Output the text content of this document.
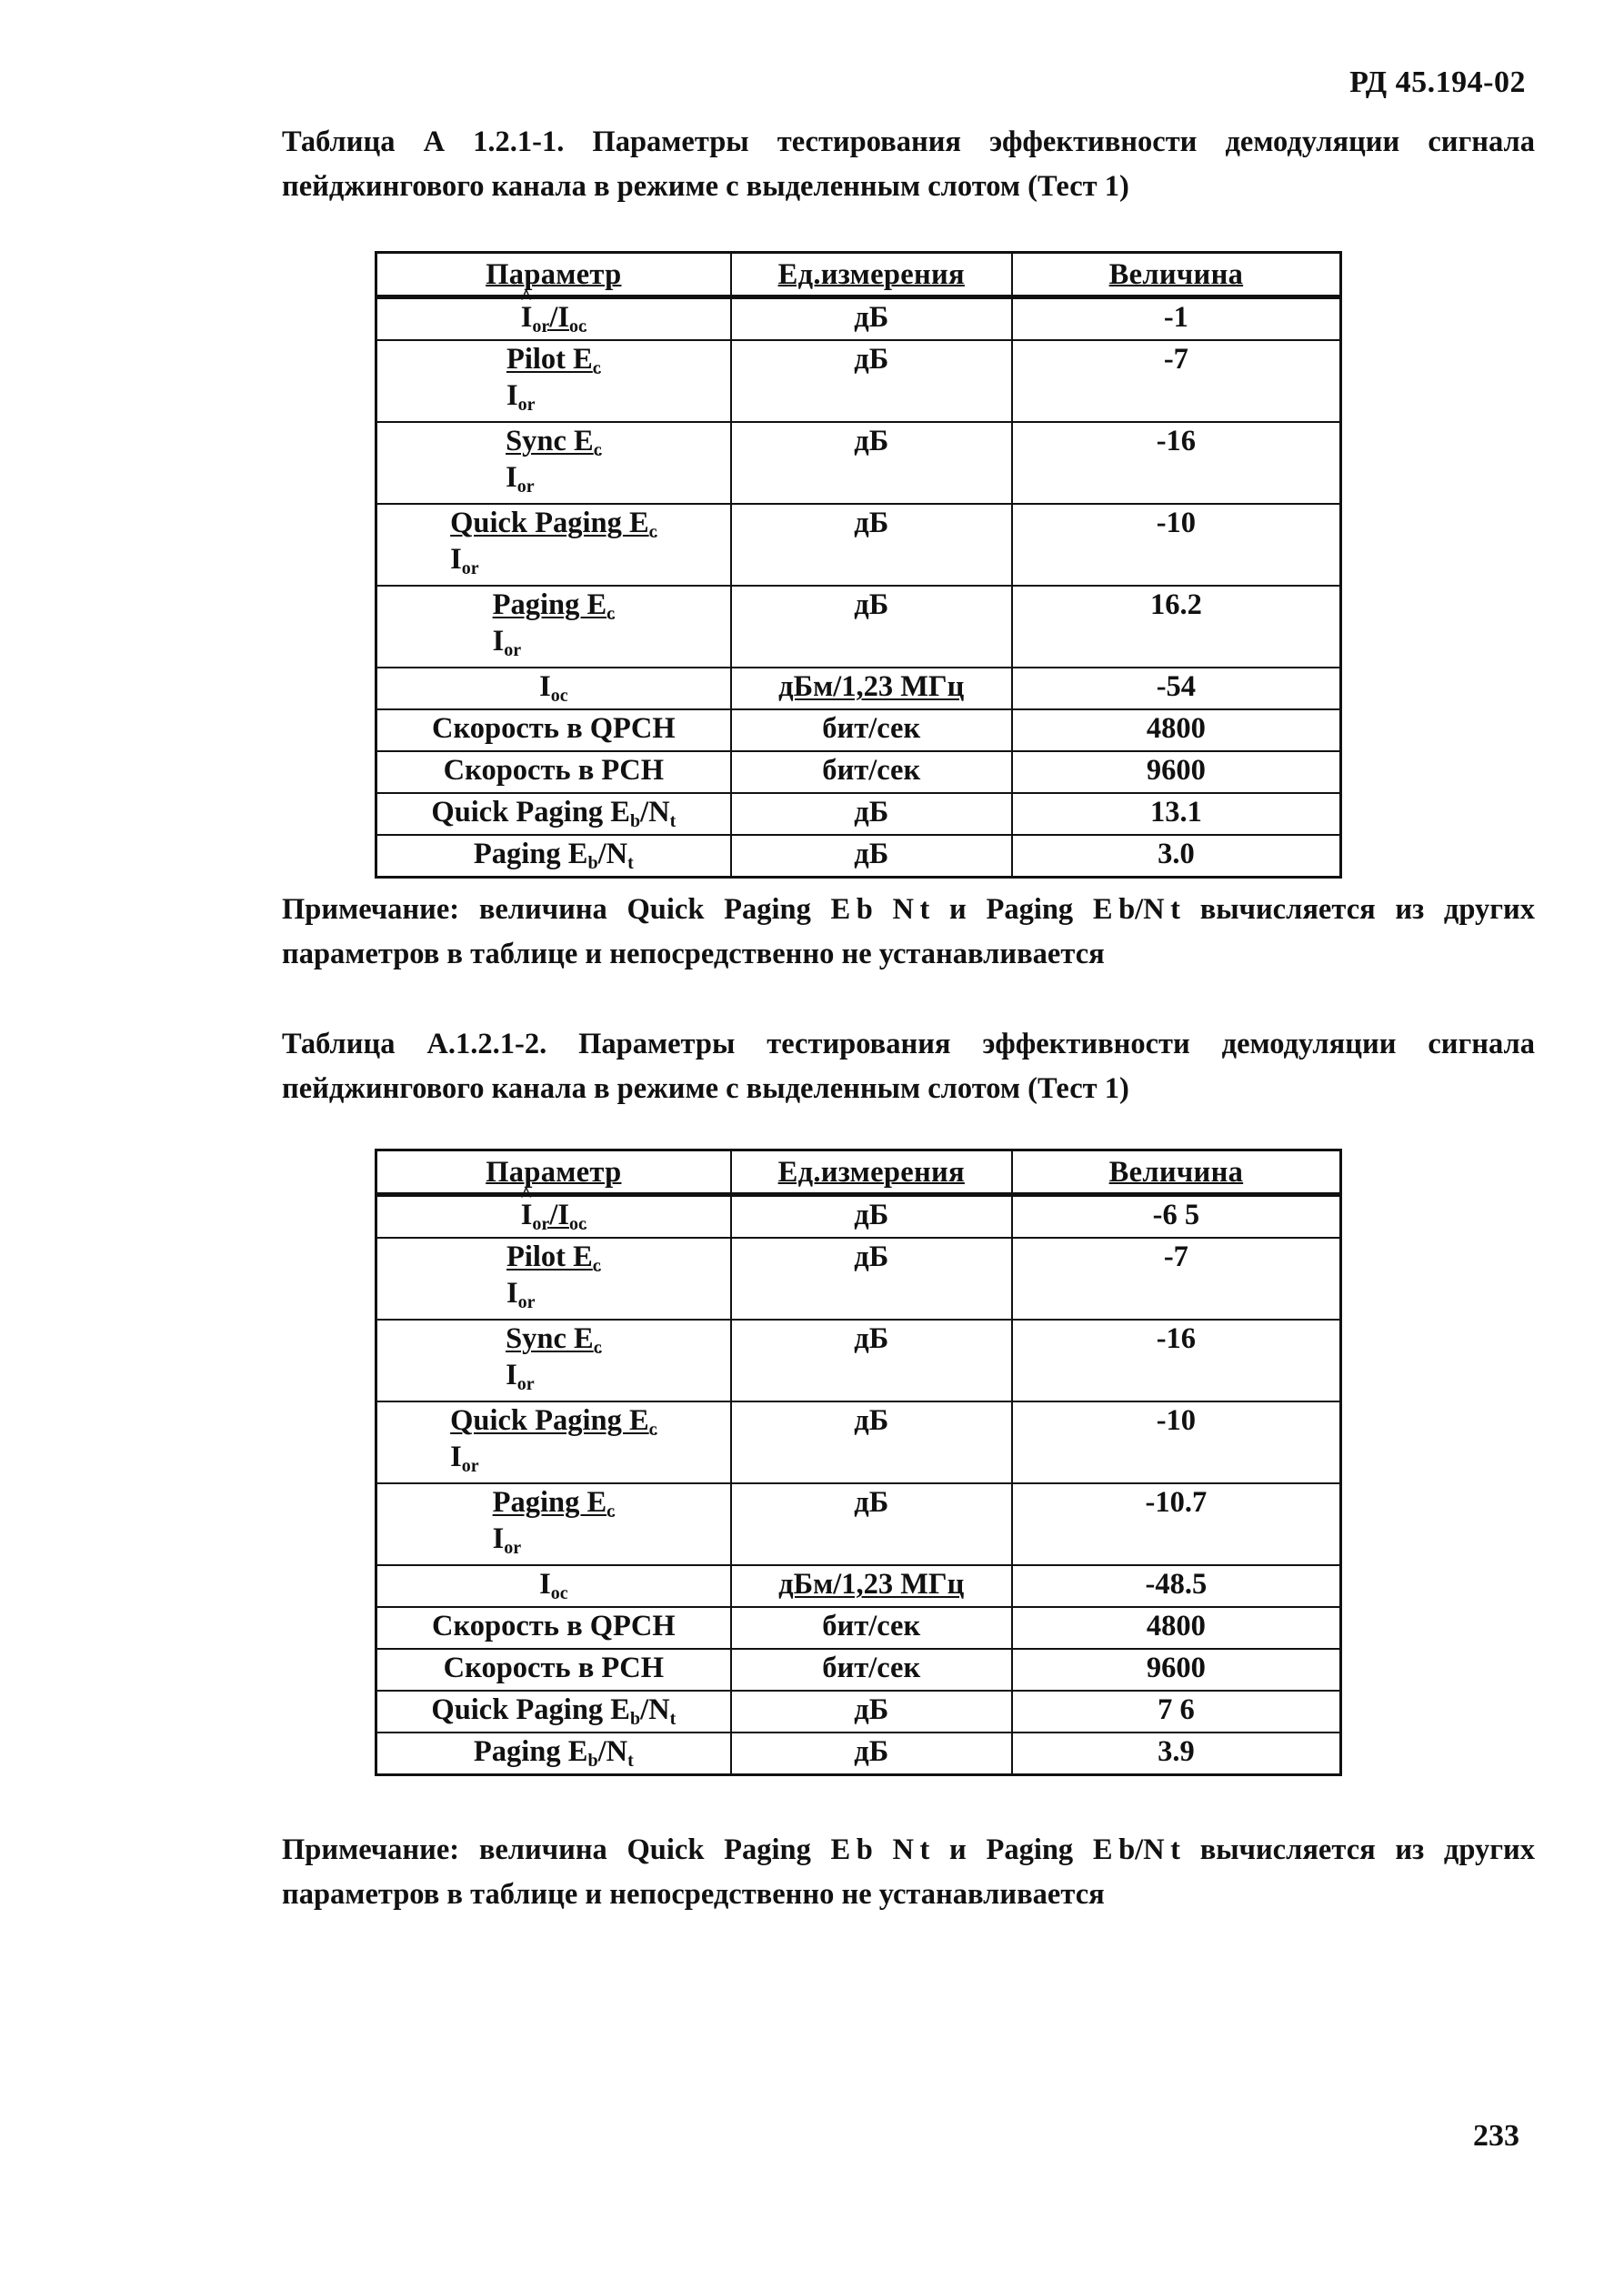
РД 45.194-02
Таблица А 1.2.1-1. Параметры тестирования эффективности демодуляции сигнала пейджингового канала в режиме с выделенным слотом (Тест 1)
Параметр	Ед.измерения	Величина
^ $I_{or}/I_{oc}$	дБ	-1

$\frac{Pilot E_c}{I_{or}}$	дБ	-7

$\frac{Sync E_c}{I_{or}}$	дБ	-16

$\frac{Quick Paging E_c}{I_{or}}$	дБ	-10

$\frac{Paging E_c}{I_{or}}$	дБ	16.2
$I_{oc}$	дБм/1,23 МГц	-54
Скорость в QPCH	бит/сек	4800
Скорость в PCH	бит/сек	9600
Quick Paging $E_b/N_t$	дБ	13.1
Paging $E_b/N_t$	дБ	3.0
Примечание: величина Quick Paging E b N t и Paging E b/N t вычисляется из других параметров в таблице и непосредственно не устанавливается
Таблица А.1.2.1-2. Параметры тестирования эффективности демодуляции сигнала пейджингового канала в режиме с выделенным слотом (Тест 1)
Параметр	Ед.измерения	Величина
^ $I_{or}/I_{oc}$	дБ	-6 5

$\frac{Pilot E_c}{I_{or}}$	дБ	-7

$\frac{Sync E_c}{I_{or}}$	дБ	-16

$\frac{Quick Paging E_c}{I_{or}}$	дБ	-10

$\frac{Paging E_c}{I_{or}}$	дБ	-10.7
$I_{oc}$	дБм/1,23 МГц	-48.5
Скорость в QPCH	бит/сек	4800
Скорость в PCH	бит/сек	9600
Quick Paging $E_b/N_t$	дБ	7 6
Paging $E_b/N_t$	дБ	3.9
Примечание: величина Quick Paging E b N t и Paging E b/N t вычисляется из других параметров в таблице и непосредственно не устанавливается
233
